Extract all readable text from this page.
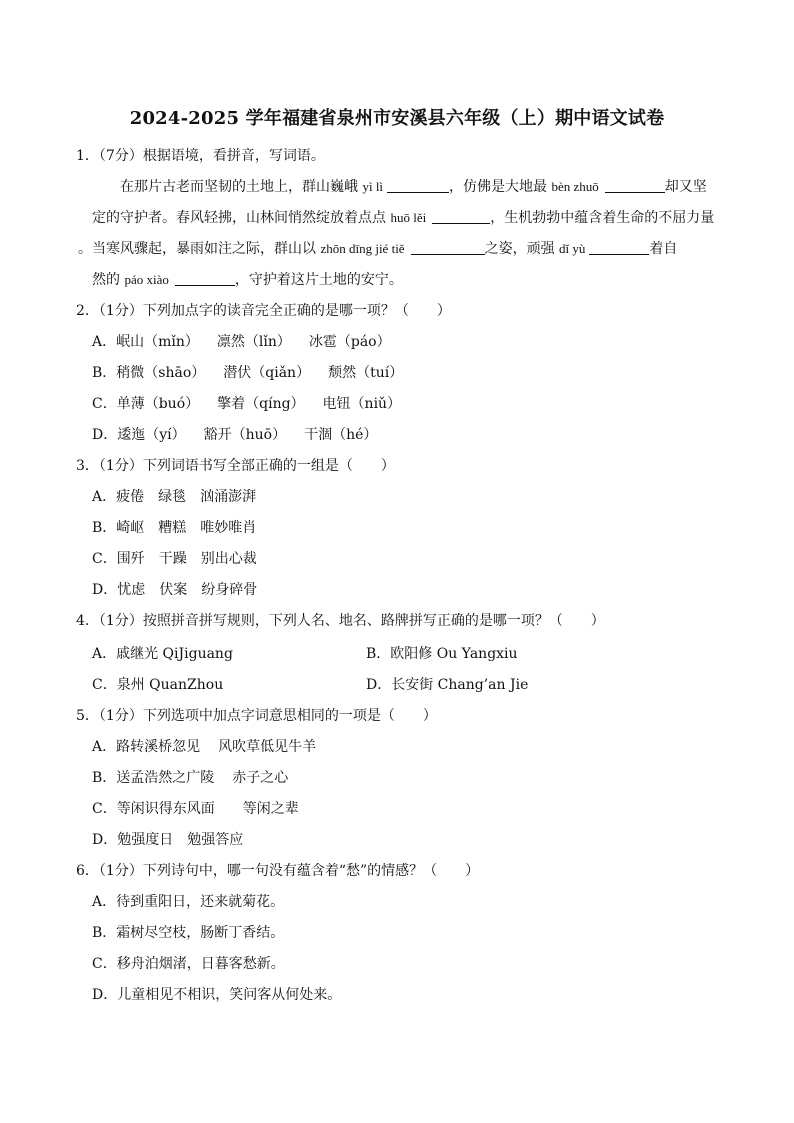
2024-2025 学年福建省泉州市安溪县六年级（上）期中语文试卷
1．（7分）根据语境，看拼音，写词语。
在那片古老而坚韧的土地上，群山巍峨 yì lì	，仿佛是大地最 bèn zhuō	却又坚
定的守护者。春风轻拂，山林间悄然绽放着点点 huō lěi	，生机勃勃中蕴含着生命的不屈力量
。当寒风骤起，暴雨如注之际，群山以 zhōn dīng jié tiě	之姿，顽强 dǐ yù	着自
然的 páo xiào	，守护着这片土地的安宁。
2．（1分）下列加点字的读音完全正确的是哪一项？（　　）
A．岷山（mǐn） 凛然（lǐn） 冰雹（páo）
B．稍微（shāo） 潜伏（qiǎn） 颓然（tuí）
C．单薄（buó） 擎着（qíng） 电钮（niǔ）
D．逶迤（yí） 豁开（huō） 干涸（hé）
3．（1分）下列词语书写全部正确的一组是（　　）
A．疲倦 绿毯 汹涌澎湃
B．崎岖 糟糕 唯妙唯肖
C．围歼 干躁 别出心裁
D．忧虑 伏案 纷身碎骨
4．（1分）按照拼音拼写规则，下列人名、地名、路牌拼写正确的是哪一项？（　　）
A．戚继光 QiJiguang	B．欧阳修 Ou Yangxiu
C．泉州 QuanZhou	D．长安街 Chang’an Jie
5．（1分）下列选项中加点字词意思相同的一项是（　　）
A．路转溪桥忽见 风吹草低见牛羊
B．送孟浩然之广陵 赤子之心
C．等闲识得东风面 等闲之辈
D．勉强度日 勉强答应
6．（1分）下列诗句中，哪一句没有蕴含着“愁”的情感？（　　）
A．待到重阳日，还来就菊花。
B．霜树尽空枝，肠断丁香结。
C．移舟泊烟渚，日暮客愁新。
D．儿童相见不相识，笑问客从何处来。
